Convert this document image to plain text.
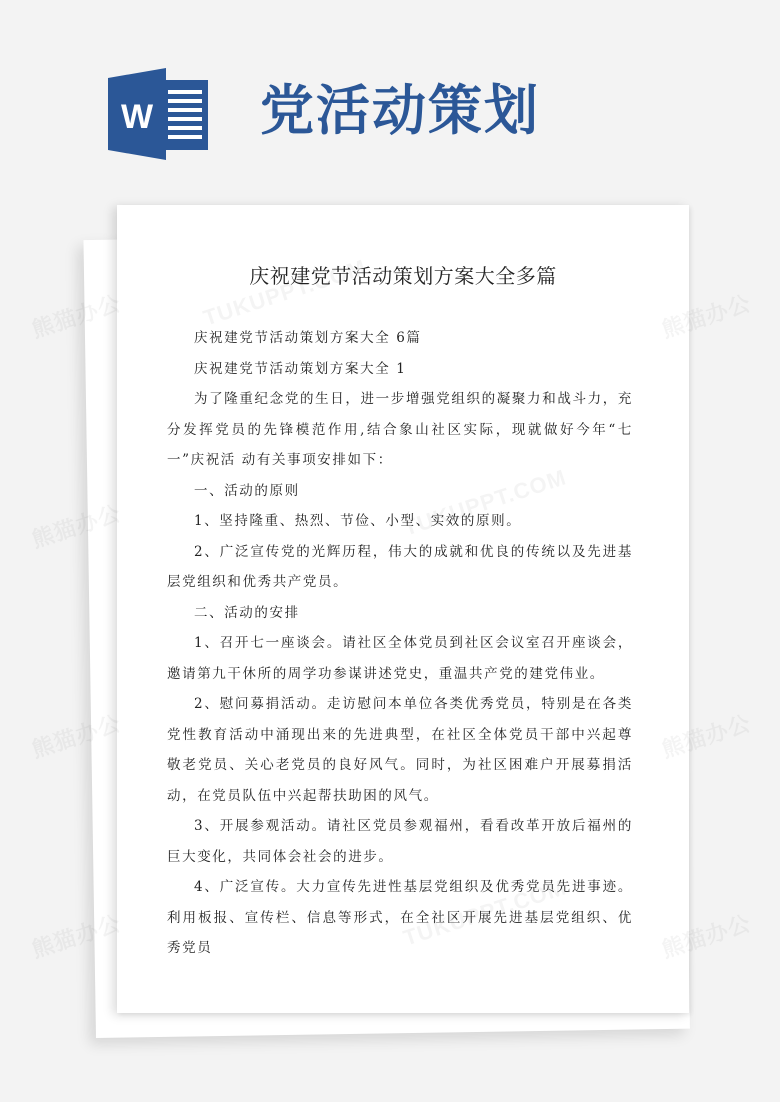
W 党活动策划
庆祝建党节活动策划方案大全多篇

庆祝建党节活动策划方案大全 6篇

庆祝建党节活动策划方案大全 1

为了隆重纪念党的生日，进一步增强党组织的凝聚力和战斗力，充分发挥党员的先锋模范作用,结合象山社区实际，现就做好今年“七一”庆祝活 动有关事项安排如下：

一、活动的原则

1、坚持隆重、热烈、节俭、小型、实效的原则。

2、广泛宣传党的光辉历程，伟大的成就和优良的传统以及先进基层党组织和优秀共产党员。

二、活动的安排

1、召开七一座谈会。请社区全体党员到社区会议室召开座谈会，邀请第九干休所的周学功参谋讲述党史，重温共产党的建党伟业。

2、慰问募捐活动。走访慰问本单位各类优秀党员，特别是在各类党性教育活动中涌现出来的先进典型，在社区全体党员干部中兴起尊敬老党员、关心老党员的良好风气。同时，为社区困难户开展募捐活动，在党员队伍中兴起帮扶助困的风气。

3、开展参观活动。请社区党员参观福州，看看改革开放后福州的巨大变化，共同体会社会的进步。

4、广泛宣传。大力宣传先进性基层党组织及优秀党员先进事迹。利用板报、宣传栏、信息等形式，在全社区开展先进基层党组织、优秀党员
